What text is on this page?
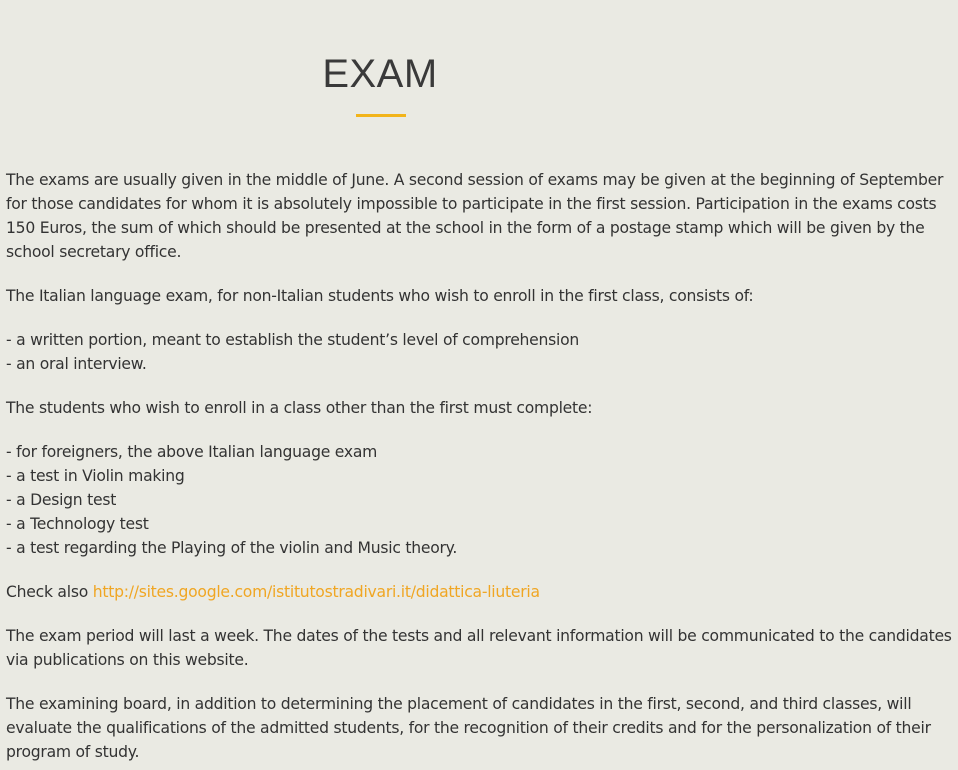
EXAM

The exams are usually given in the middle of June. A second session of exams may be given at the beginning of September for those candidates for whom it is absolutely impossible to participate in the first session. Participation in the exams costs 150 Euros, the sum of which should be presented at the school in the form of a postage stamp which will be given by the school secretary office.

The Italian language exam, for non-Italian students who wish to enroll in the first class, consists of:

- a written portion, meant to establish the student’s level of comprehension
- an oral interview.

The students who wish to enroll in a class other than the first must complete:

- for foreigners, the above Italian language exam
- a test in Violin making
- a Design test
- a Technology test
- a test regarding the Playing of the violin and Music theory.

Check also http://sites.google.com/istitutostradivari.it/didattica-liuteria

The exam period will last a week. The dates of the tests and all relevant information will be communicated to the candidates via publications on this website.

The examining board, in addition to determining the placement of candidates in the first, second, and third classes, will evaluate the qualifications of the admitted students, for the recognition of their credits and for the personalization of their program of study.
